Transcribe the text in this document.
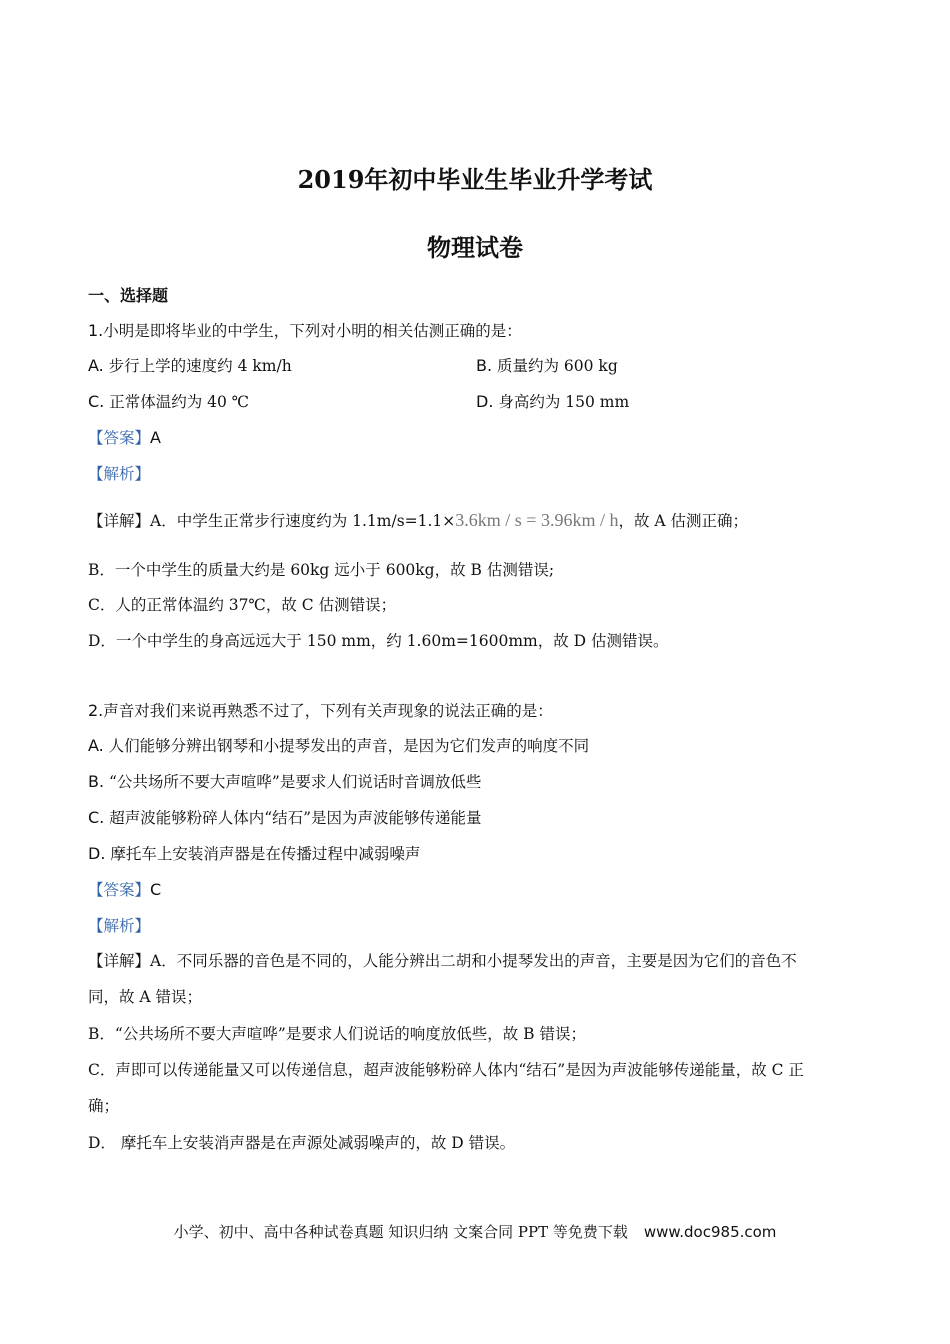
2019年初中毕业生毕业升学考试
物理试卷
一、选择题
1.小明是即将毕业的中学生，下列对小明的相关估测正确的是：
A. 步行上学的速度约 4 km/h	B. 质量约为 600 kg
C. 正常体温约为 40 ℃	D. 身高约为 150 mm
【答案】A
【解析】
【详解】A．中学生正常步行速度约为 1.1m/s=1.1×3.6km / s = 3.96km / h，故 A 估测正确；
B．一个中学生的质量大约是 60kg 远小于 600kg，故 B 估测错误;
C．人的正常体温约 37℃，故 C 估测错误；
D．一个中学生的身高远远大于 150 mm，约 1.60m=1600mm，故 D 估测错误。
2.声音对我们来说再熟悉不过了，下列有关声现象的说法正确的是：
A. 人们能够分辨出钢琴和小提琴发出的声音，是因为它们发声的响度不同
B. “公共场所不要大声喧哗”是要求人们说话时音调放低些
C. 超声波能够粉碎人体内“结石”是因为声波能够传递能量
D. 摩托车上安装消声器是在传播过程中减弱噪声
【答案】C
【解析】
【详解】A．不同乐器的音色是不同的，人能分辨出二胡和小提琴发出的声音，主要是因为它们的音色不
同，故 A 错误；
B．“公共场所不要大声喧哗”是要求人们说话的响度放低些，故 B 错误；
C．声即可以传递能量又可以传递信息，超声波能够粉碎人体内“结石”是因为声波能够传递能量，故 C 正
确；
D． 摩托车上安装消声器是在声源处减弱噪声的，故 D 错误。
小学、初中、高中各种试卷真题 知识归纳 文案合同 PPT 等免费下载 www.doc985.com
